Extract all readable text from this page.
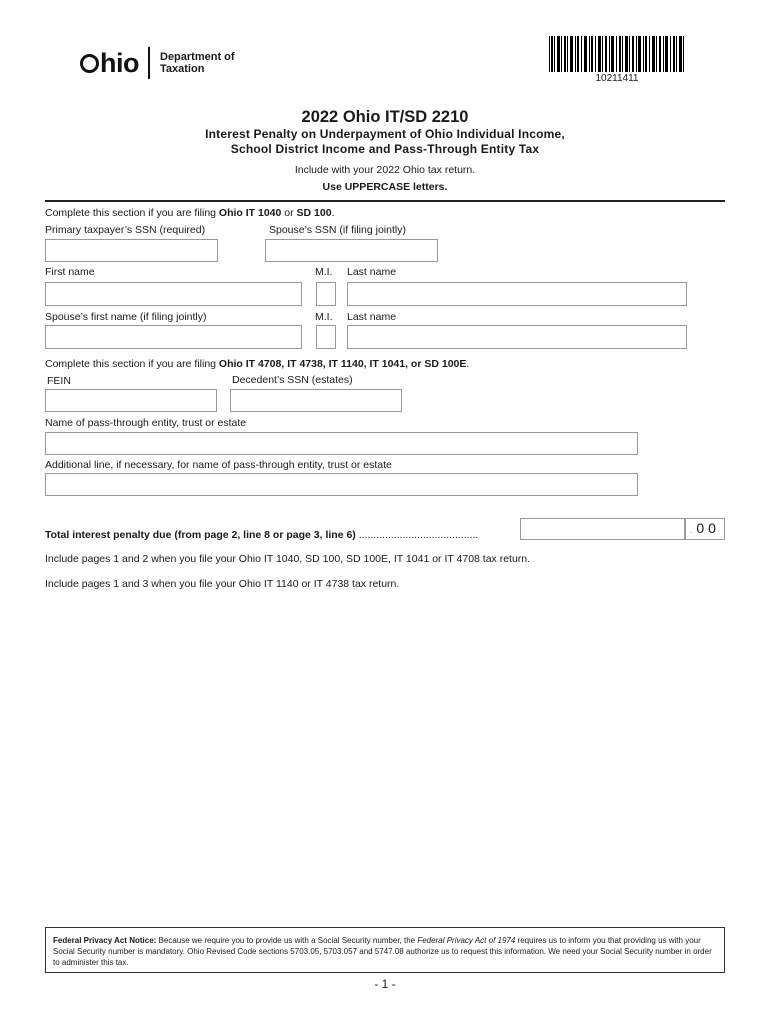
hio Department of
Taxation
10211411
2022 Ohio IT/SD 2210
Interest Penalty on Underpayment of Ohio Individual Income,
School District Income and Pass-Through Entity Tax
Include with your 2022 Ohio tax return.
Use UPPERCASE letters.
Complete this section if you are filing Ohio IT 1040 or SD 100.
Primary taxpayer’s SSN (required)	Spouse’s SSN (if filing jointly)
First name	M.I. Last name
Spouse’s first name (if filing jointly)	M.I. Last name
Complete this section if you are filing Ohio IT 4708, IT 4738, IT 1140, IT 1041, or SD 100E.
FEIN	Decedent’s SSN (estates)
Name of pass-through entity, trust or estate
Additional line, if necessary, for name of pass-through entity, trust or estate
Total interest penalty due (from page 2, line 8 or page 3, line 6) .........................................	. 0 0
Include pages 1 and 2 when you file your Ohio IT 1040, SD 100, SD 100E, IT 1041 or IT 4708 tax return.
Include pages 1 and 3 when you file your Ohio IT 1140 or IT 4738 tax return.
Federal Privacy Act Notice: Because we require you to provide us with a Social Security number, the Federal Privacy Act of 1974 requires us to inform you that providing us with your Social Security number is mandatory. Ohio Revised Code sections 5703.05, 5703.057 and 5747.08 authorize us to request this information. We need your Social Security number in order to administer this tax.
- 1 -
